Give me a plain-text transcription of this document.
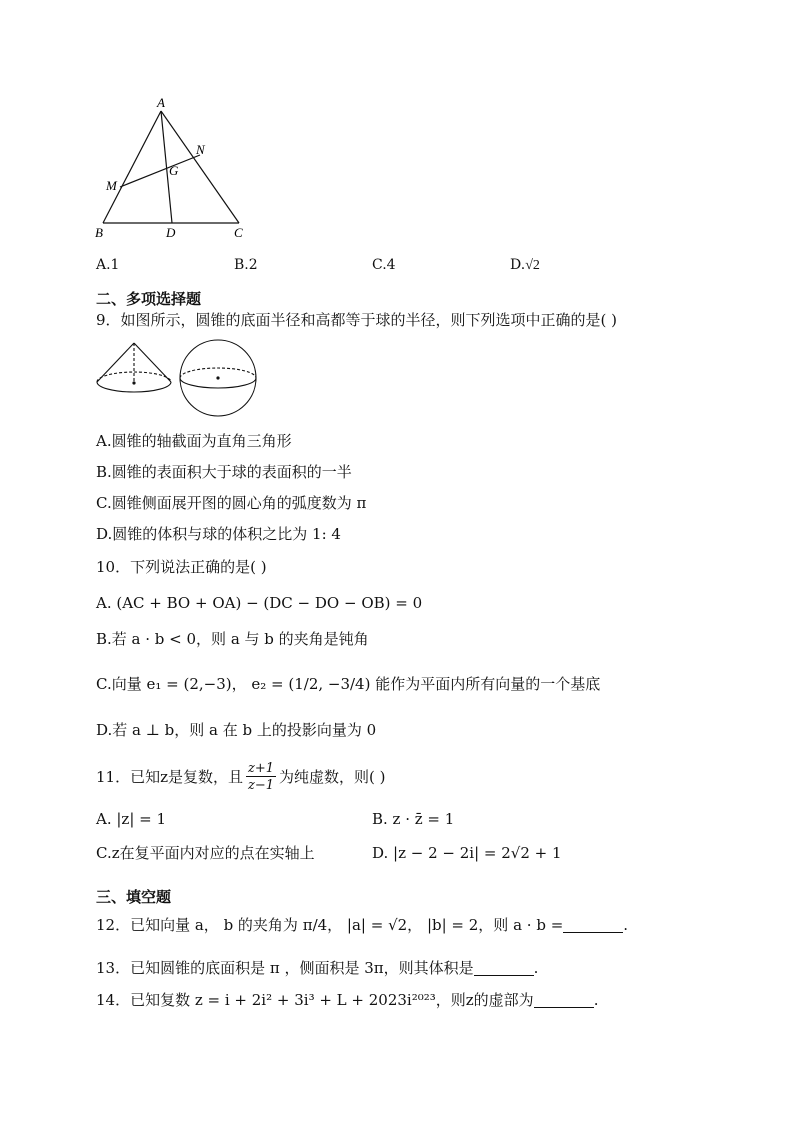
A
B	C
D
M
N
G
A.1	B.2	C.4	D.√2
二、多项选择题
9．如图所示，圆锥的底面半径和高都等于球的半径，则下列选项中正确的是( )
A.圆锥的轴截面为直角三角形
B.圆锥的表面积大于球的表面积的一半
C.圆锥侧面展开图的圆心角的弧度数为 π
D.圆锥的体积与球的体积之比为 1: 4
10．下列说法正确的是( )
A. (AC + BO + OA) − (DC − DO − OB) = 0
B.若 a · b < 0，则 a 与 b 的夹角是钝角
C.向量 e₁ = (2,−3)， e₂ = (1/2, −3/4) 能作为平面内所有向量的一个基底
D.若 a ⊥ b，则 a 在 b 上的投影向量为 0
11．已知z是复数，且 $\frac{z+1}{z-1}$ 为纯虚数，则( )
A. |z| = 1	B. z · z̄ = 1
C.z在复平面内对应的点在实轴上	D. |z − 2 − 2i| = 2√2 + 1
三、填空题
12．已知向量 a， b 的夹角为 π/4， |a| = √2， |b| = 2，则 a · b =	.
13．已知圆锥的底面积是 π ，侧面积是 3π，则其体积是	.
14．已知复数 z = i + 2i² + 3i³ + L + 2023i²⁰²³，则z的虚部为	.
